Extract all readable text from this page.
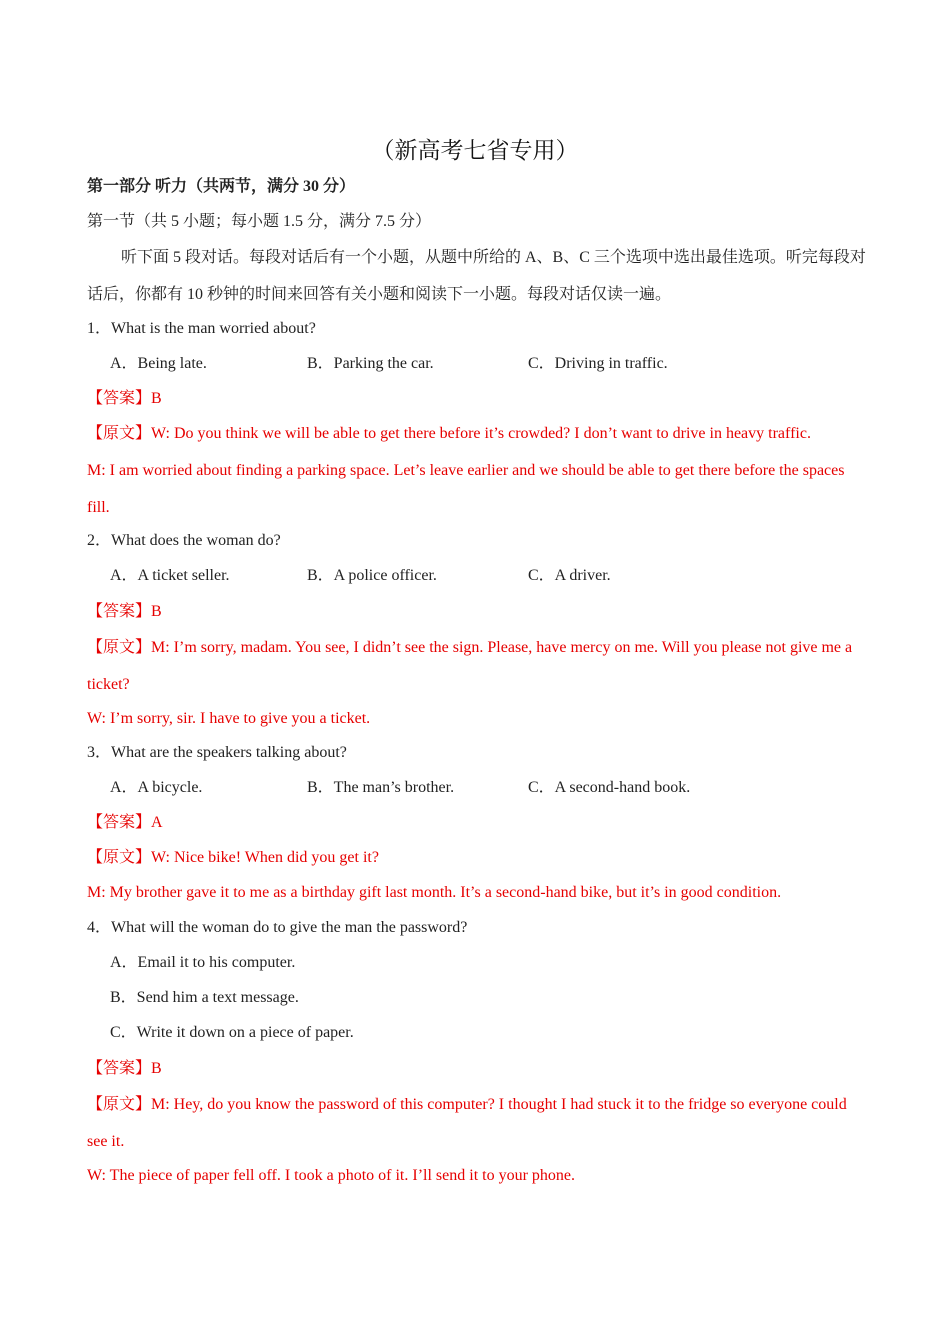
（新高考七省专用）
第一部分 听力（共两节，满分 30 分）
第一节（共 5 小题；每小题 1.5 分，满分 7.5 分）
听下面 5 段对话。每段对话后有一个小题，从题中所给的 A、B、C 三个选项中选出最佳选项。听完每段对话后，你都有 10 秒钟的时间来回答有关小题和阅读下一小题。每段对话仅读一遍。
1．What is the man worried about?
A．Being late.	B．Parking the car.	C．Driving in traffic.
【答案】B
【原文】W: Do you think we will be able to get there before it’s crowded? I don’t want to drive in heavy traffic.
M: I am worried about finding a parking space. Let’s leave earlier and we should be able to get there before the spaces fill.
2．What does the woman do?
A．A ticket seller.	B．A police officer.	C．A driver.
【答案】B
【原文】M: I’m sorry, madam. You see, I didn’t see the sign. Please, have mercy on me. Will you please not give me a ticket?
W: I’m sorry, sir. I have to give you a ticket.
3．What are the speakers talking about?
A．A bicycle.	B．The man’s brother.	C．A second-hand book.
【答案】A
【原文】W: Nice bike! When did you get it?
M: My brother gave it to me as a birthday gift last month. It’s a second-hand bike, but it’s in good condition.
4．What will the woman do to give the man the password?
A．Email it to his computer.
B．Send him a text message.
C．Write it down on a piece of paper.
【答案】B
【原文】M: Hey, do you know the password of this computer? I thought I had stuck it to the fridge so everyone could see it.
W: The piece of paper fell off. I took a photo of it. I’ll send it to your phone.
